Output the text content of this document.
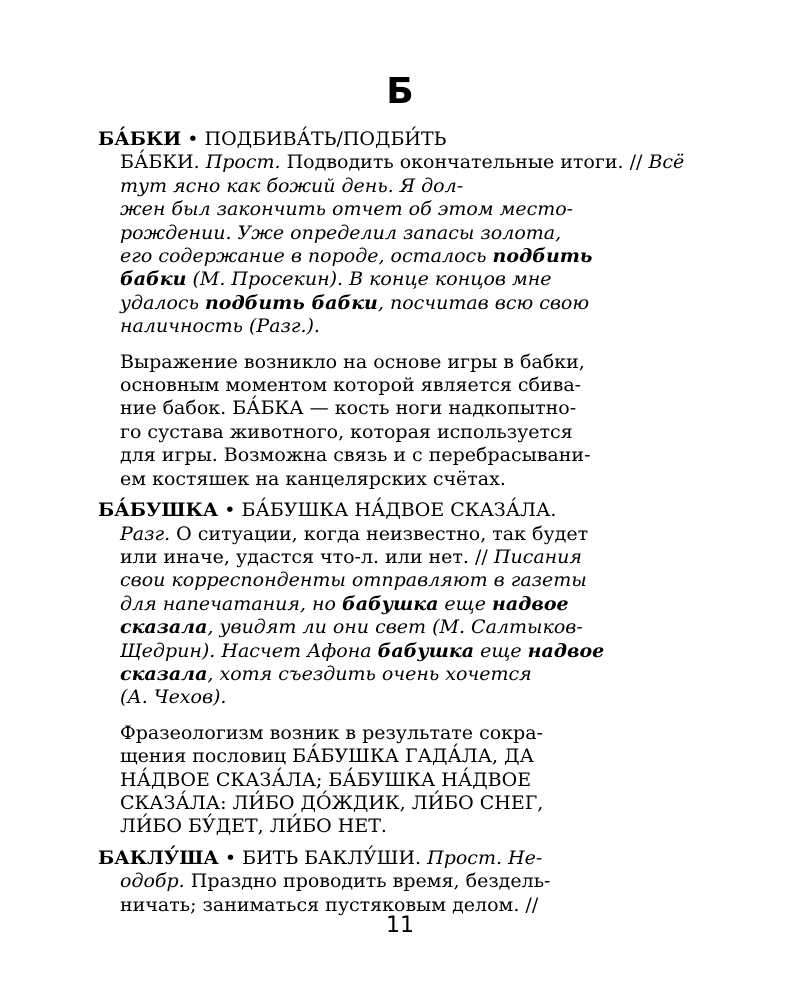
Б
БА́БКИ • ПОДБИВА́ТЬ/ПОДБИ́ТЬ
БА́БКИ. Прост. Подводить окончательные итоги. // Всё тут ясно как божий день. Я дол-
жен был закончить отчет об этом место-
рождении. Уже определил запасы золота,
его содержание в породе, осталось подбить
бабки (М. Просекин). В конце концов мне
удалось подбить бабки, посчитав всю свою
наличность (Разг.).
Выражение возникло на основе игры в бабки,
основным моментом которой является сбива-
ние бабок. БА́БКА — кость ноги надкопытно-
го сустава животного, которая используется
для игры. Возможна связь и с перебрасывани-
ем костяшек на канцелярских счётах.
БА́БУШКА • БА́БУШКА НА́ДВОЕ СКАЗА́ЛА.
Разг. О ситуации, когда неизвестно, так будет
или иначе, удастся что-л. или нет. // Писания
свои корреспонденты отправляют в газеты
для напечатания, но бабушка еще надвое
сказала, увидят ли они свет (М. Салтыков-
Щедрин). Насчет Афона бабушка еще надвое
сказала, хотя съездить очень хочется
(А. Чехов).
Фразеологизм возник в результате сокра-
щения пословиц БА́БУШКА ГАДА́ЛА, ДА
НА́ДВОЕ СКАЗА́ЛА; БА́БУШКА НА́ДВОЕ
СКАЗА́ЛА: ЛИ́БО ДО́ЖДИК, ЛИ́БО СНЕГ,
ЛИ́БО БУ́ДЕТ, ЛИ́БО НЕТ.
БАКЛУ́ША • БИТЬ БАКЛУ́ШИ. Прост. Не-
одобр. Праздно проводить время, бездель-
ничать; заниматься пустяковым делом. //
11
